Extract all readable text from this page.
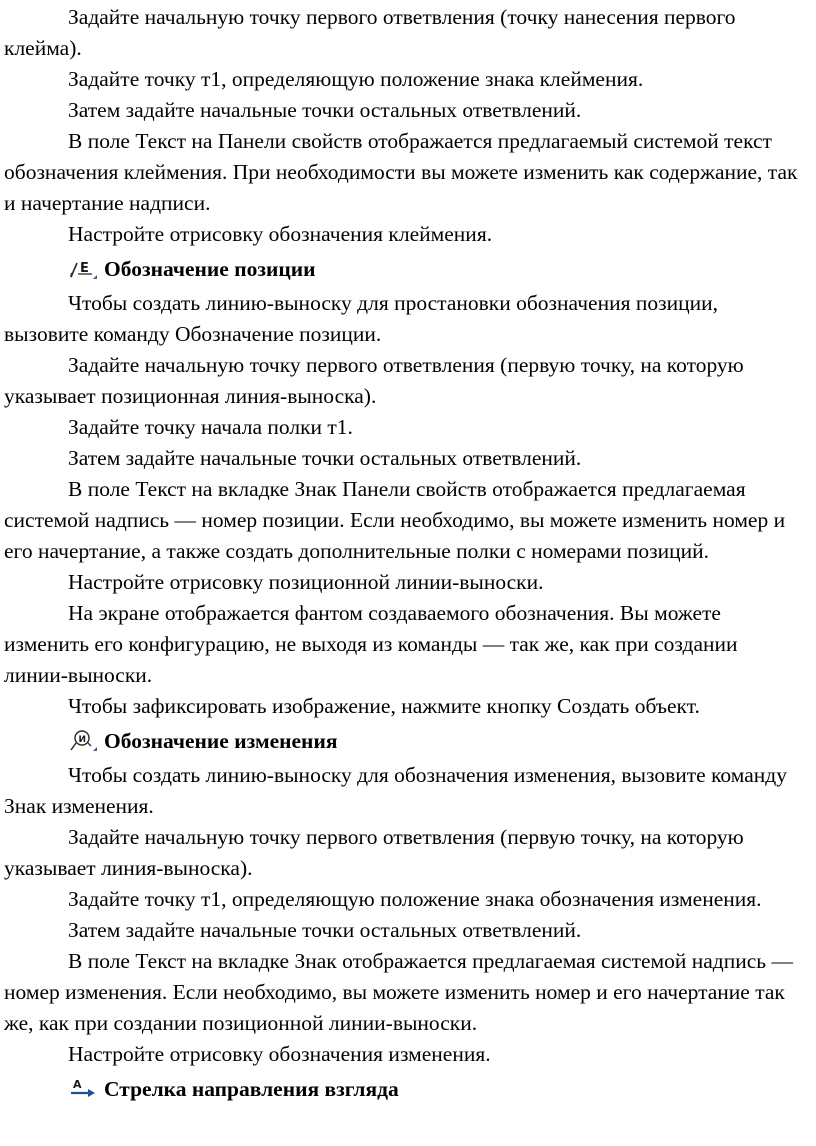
Задайте начальную точку первого ответвления (точку нанесения первого клейма).

Задайте точку т1, определяющую положение знака клеймения.

Затем задайте начальные точки остальных ответвлений.

В поле Текст на Панели свойств отображается предлагаемый системой текст обозначения клеймения. При необходимости вы можете изменить как содержание, так и начертание надписи.

Настройте отрисовку обозначения клеймения.

E Обозначение позиции

Чтобы создать линию-выноску для простановки обозначения позиции, вызовите команду Обозначение позиции.

Задайте начальную точку первого ответвления (первую точку, на которую указывает позиционная линия-выноска).

Задайте точку начала полки т1.

Затем задайте начальные точки остальных ответвлений.

В поле Текст на вкладке Знак Панели свойств отображается предлагаемая системой надпись — номер позиции. Если необходимо, вы можете изменить номер и его начертание, а также создать дополнительные полки с номерами позиций.

Настройте отрисовку позиционной линии-выноски.

На экране отображается фантом создаваемого обозначения. Вы можете изменить его конфигурацию, не выходя из команды — так же, как при создании линии-выноски.

Чтобы зафиксировать изображение, нажмите кнопку Создать объект.

И Обозначение изменения

Чтобы создать линию-выноску для обозначения изменения, вызовите команду Знак изменения.

Задайте начальную точку первого ответвления (первую точку, на которую указывает линия-выноска).

Задайте точку т1, определяющую положение знака обозначения изменения.

Затем задайте начальные точки остальных ответвлений.

В поле Текст на вкладке Знак отображается предлагаемая системой надпись — номер изменения. Если необходимо, вы можете изменить номер и его начертание так же, как при создании позиционной линии-выноски.

Настройте отрисовку обозначения изменения.

А Стрелка направления взгляда
